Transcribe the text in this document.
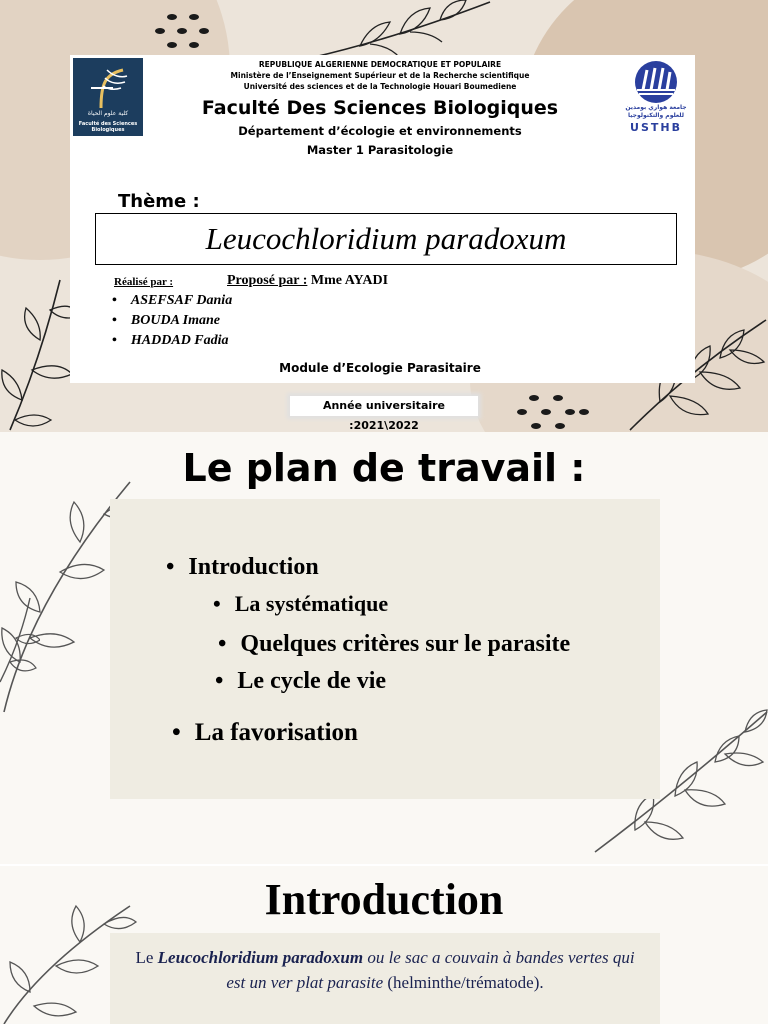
كلية علوم الحياة
Faculté des Sciences Biologiques
جامعة هواري بومدين
للعلوم والتكنولوجيا
USTHB
REPUBLIQUE ALGERIENNE DEMOCRATIQUE ET POPULAIRE
Ministère de l’Enseignement Supérieur et de la Recherche scientifique
Université des sciences et de la Technologie Houari Boumediene
Faculté Des Sciences Biologiques
Département d’écologie et environnements
Master 1 Parasitologie
Thème :
Leucochloridium paradoxum
Réalisé par :	Proposé par : Mme AYADI
• ASEFSAF Dania
• BOUDA Imane
• HADDAD Fadia
Module d’Ecologie Parasitaire
Année universitaire :2021\2022
Le plan de travail :
• Introduction
• La systématique
• Quelques critères sur le parasite
• Le cycle de vie
• La favorisation
Introduction
Le Leucochloridium paradoxum ou le sac a couvain à bandes vertes qui est un ver plat parasite (helminthe/trématode).
